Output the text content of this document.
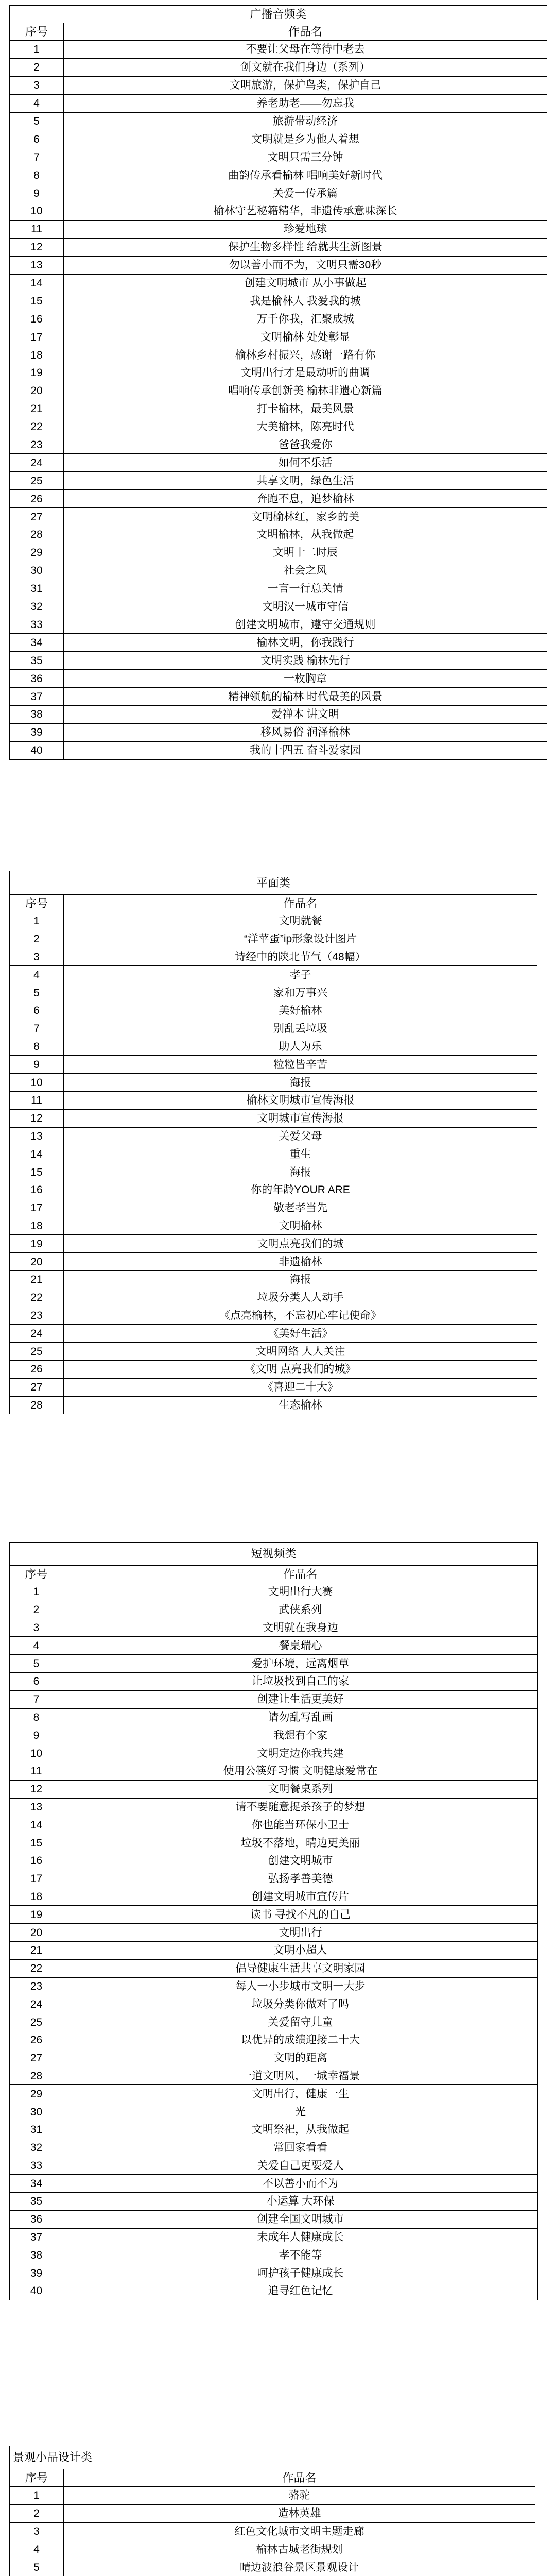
广播音频类	
序号	作品名
1	不要让父母在等待中老去
2	创文就在我们身边（系列）
3	文明旅游，保护鸟类，保护自己
4	养老助老——勿忘我
5	旅游带动经济
6	文明就是乡为他人着想
7	文明只需三分钟
8	曲韵传承看榆林 唱响美好新时代
9	关爱一传承篇
10	榆林守艺秘籍精华，非遗传承意味深长
11	珍爱地球
12	保护生物多样性 给就共生新图景
13	勿以善小而不为，文明只需30秒
14	创建文明城市 从小事做起
15	我是榆林人 我爱我的城
16	万千你我，汇聚成城
17	文明榆林 处处彰显
18	榆林乡村振兴，感谢一路有你
19	文明出行才是最动听的曲调
20	唱响传承创新美 榆林非遗心新篇
21	打卡榆林，最美风景
22	大美榆林，陈亮时代
23	爸爸我爱你
24	如何不乐活
25	共享文明，绿色生活
26	奔跑不息，追梦榆林
27	文明榆林红，家乡的美
28	文明榆林，从我做起
29	文明十二时辰
30	社会之风
31	一言一行总关情
32	文明汉一城市守信
33	创建文明城市，遵守交通规则
34	榆林文明，你我践行
35	文明实践 榆林先行
36	一枚胸章
37	精神领航的榆林 时代最美的风景
38	爱禅本 讲文明
39	移风易俗 润泽榆林
40	我的十四五 奋斗爱家园
平面类	
序号	作品名
1	文明就餐
2	“洋苹蛋”ip形象设计图片
3	诗经中的陕北节气（48幅）
4	孝子
5	家和万事兴
6	美好榆林
7	别乱丢垃圾
8	助人为乐
9	粒粒皆辛苦
10	海报
11	榆林文明城市宣传海报
12	文明城市宣传海报
13	关爱父母
14	重生
15	海报
16	你的年龄YOUR ARE
17	敬老孝当先
18	文明榆林
19	文明点亮我们的城
20	非遗榆林
21	海报
22	垃圾分类人人动手
23	《点亮榆林，不忘初心牢记使命》
24	《美好生活》
25	文明网络 人人关注
26	《文明 点亮我们的城》
27	《喜迎二十大》
28	生态榆林
短视频类	
序号	作品名
1	文明出行大赛
2	武侠系列
3	文明就在我身边
4	餐桌瑞心
5	爱护环境，远离烟草
6	让垃圾找到自己的家
7	创建让生活更美好
8	请勿乱写乱画
9	我想有个家
10	文明定边你我共建
11	使用公筷好习惯 文明健康爱常在
12	文明餐桌系列
13	请不要随意捉杀孩子的梦想
14	你也能当环保小卫士
15	垃圾不落地，晴边更美丽
16	创建文明城市
17	弘扬孝善美德
18	创建文明城市宣传片
19	读书 寻找不凡的自己
20	文明出行
21	文明小超人
22	倡导健康生活共享文明家园
23	每人一小步城市文明一大步
24	垃圾分类你做对了吗
25	关爱留守儿童
26	以优异的成绩迎接二十大
27	文明的距离
28	一道文明风，一城幸福景
29	文明出行，健康一生
30	光
31	文明祭祀，从我做起
32	常回家看看
33	关爱自己更要爱人
34	不以善小而不为
35	小运算 大环保
36	创建全国文明城市
37	未成年人健康成长
38	孝不能等
39	呵护孩子健康成长
40	追寻红色记忆
景观小品设计类	
序号	作品名
1	骆驼
2	造林英雄
3	红色文化城市文明主题走廊
4	榆林古城老街规划
5	晴边波浪谷景区景观设计
